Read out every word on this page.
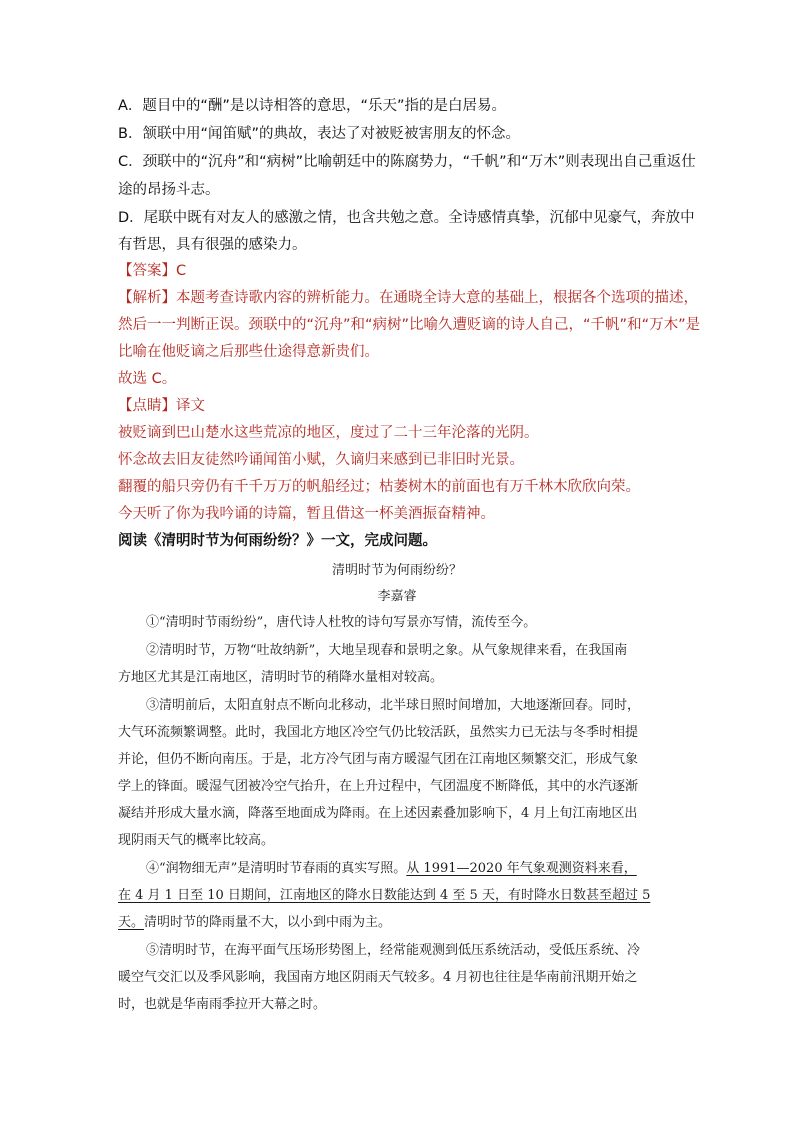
A．题目中的“酬”是以诗相答的意思，“乐天”指的是白居易。
B．颔联中用“闻笛赋”的典故，表达了对被贬被害朋友的怀念。
C．颈联中的“沉舟”和“病树”比喻朝廷中的陈腐势力，“千帆”和“万木”则表现出自己重返仕
途的昂扬斗志。
D．尾联中既有对友人的感激之情，也含共勉之意。全诗感情真挚，沉郁中见豪气，奔放中
有哲思，具有很强的感染力。
【答案】C
【解析】本题考查诗歌内容的辨析能力。在通晓全诗大意的基础上，根据各个选项的描述，
然后一一判断正误。颈联中的“沉舟”和“病树”比喻久遭贬谪的诗人自己，“千帆”和“万木”是
比喻在他贬谪之后那些仕途得意新贵们。
故选 C。
【点睛】译文
被贬谪到巴山楚水这些荒凉的地区，度过了二十三年沦落的光阴。
怀念故去旧友徒然吟诵闻笛小赋，久谪归来感到已非旧时光景。
翻覆的船只旁仍有千千万万的帆船经过；枯萎树木的前面也有万千林木欣欣向荣。
今天听了你为我吟诵的诗篇，暂且借这一杯美酒振奋精神。
阅读《清明时节为何雨纷纷？》一文，完成问题。
清明时节为何雨纷纷？
李嘉睿
①“清明时节雨纷纷”，唐代诗人杜牧的诗句写景亦写情，流传至今。
②清明时节，万物“吐故纳新”，大地呈现春和景明之象。从气象规律来看，在我国南
方地区尤其是江南地区，清明时节的稍降水量相对较高。
③清明前后，太阳直射点不断向北移动，北半球日照时间增加，大地逐渐回春。同时，
大气环流频繁调整。此时，我国北方地区冷空气仍比较活跃，虽然实力已无法与冬季时相提
并论，但仍不断向南压。于是，北方冷气团与南方暖湿气团在江南地区频繁交汇，形成气象
学上的锋面。暖湿气团被冷空气抬升，在上升过程中，气团温度不断降低，其中的水汽逐渐
凝结并形成大量水滴，降落至地面成为降雨。在上述因素叠加影响下，4 月上旬江南地区出
现阴雨天气的概率比较高。
④“润物细无声”是清明时节春雨的真实写照。从 1991—2020 年气象观测资料来看，
在 4 月 1 日至 10 日期间，江南地区的降水日数能达到 4 至 5 天，有时降水日数甚至超过 5
天。清明时节的降雨量不大，以小到中雨为主。
⑤清明时节，在海平面气压场形势图上，经常能观测到低压系统活动，受低压系统、冷
暖空气交汇以及季风影响，我国南方地区阴雨天气较多。4 月初也往往是华南前汛期开始之
时，也就是华南雨季拉开大幕之时。
